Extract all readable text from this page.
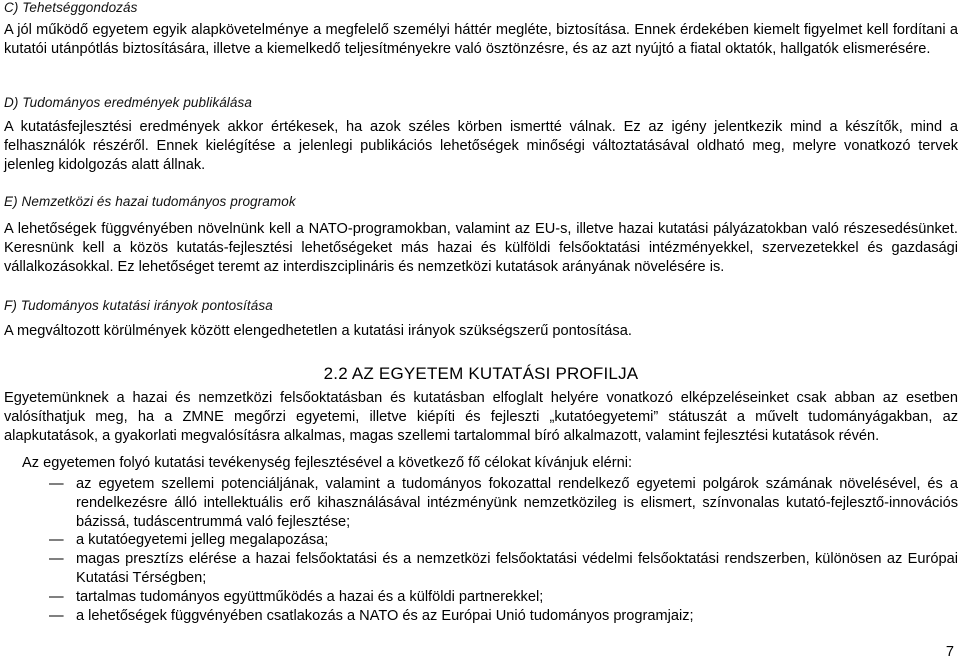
C) Tehetséggondozás
A jól működő egyetem egyik alapkövetelménye a megfelelő személyi háttér megléte, biztosítása. Ennek érdekében kiemelt figyelmet kell fordítani a kutatói utánpótlás biztosítására, illetve a kiemelkedő teljesítményekre való ösztönzésre, és az azt nyújtó a fiatal oktatók, hallgatók elismerésére.
D) Tudományos eredmények publikálása
A kutatásfejlesztési eredmények akkor értékesek, ha azok széles körben ismertté válnak. Ez az igény jelentkezik mind a készítők, mind a felhasználók részéről. Ennek kielégítése a jelenlegi publikációs lehetőségek minőségi változtatásával oldható meg, melyre vonatkozó tervek jelenleg kidolgozás alatt állnak.
E) Nemzetközi és hazai tudományos programok
A lehetőségek függvényében növelnünk kell a NATO-programokban, valamint az EU-s, illetve hazai kutatási pályázatokban való részesedésünket. Keresnünk kell a közös kutatás-fejlesztési lehetőségeket más hazai és külföldi felsőoktatási intézményekkel, szervezetekkel és gazdasági vállalkozásokkal. Ez lehetőséget teremt az interdiszciplináris és nemzetközi kutatások arányának növelésére is.
F) Tudományos kutatási irányok pontosítása
A megváltozott körülmények között elengedhetetlen a kutatási irányok szükségszerű pontosítása.
2.2 AZ EGYETEM KUTATÁSI PROFILJA
Egyetemünknek a hazai és nemzetközi felsőoktatásban és kutatásban elfoglalt helyére vonatkozó elképzeléseinket csak abban az esetben valósíthatjuk meg, ha a ZMNE megőrzi egyetemi, illetve kiépíti és fejleszti „kutatóegyetemi” státuszát a művelt tudományágakban, az alapkutatások, a gyakorlati megvalósításra alkalmas, magas szellemi tartalommal bíró alkalmazott, valamint fejlesztési kutatások révén.
Az egyetemen folyó kutatási tevékenység fejlesztésével a következő fő célokat kívánjuk elérni:
— az egyetem szellemi potenciáljának, valamint a tudományos fokozattal rendelkező egyetemi polgárok számának növelésével, és a rendelkezésre álló intellektuális erő kihasználásával intézményünk nemzetközileg is elismert, színvonalas kutató-fejlesztő-innovációs bázissá, tudáscentrummá való fejlesztése;
— a kutatóegyetemi jelleg megalapozása;
— magas presztízs elérése a hazai felsőoktatási és a nemzetközi felsőoktatási védelmi felsőoktatási rendszerben, különösen az Európai Kutatási Térségben;
— tartalmas tudományos együttműködés a hazai és a külföldi partnerekkel;
— a lehetőségek függvényében csatlakozás a NATO és az Európai Unió tudományos programjaiz;
7
